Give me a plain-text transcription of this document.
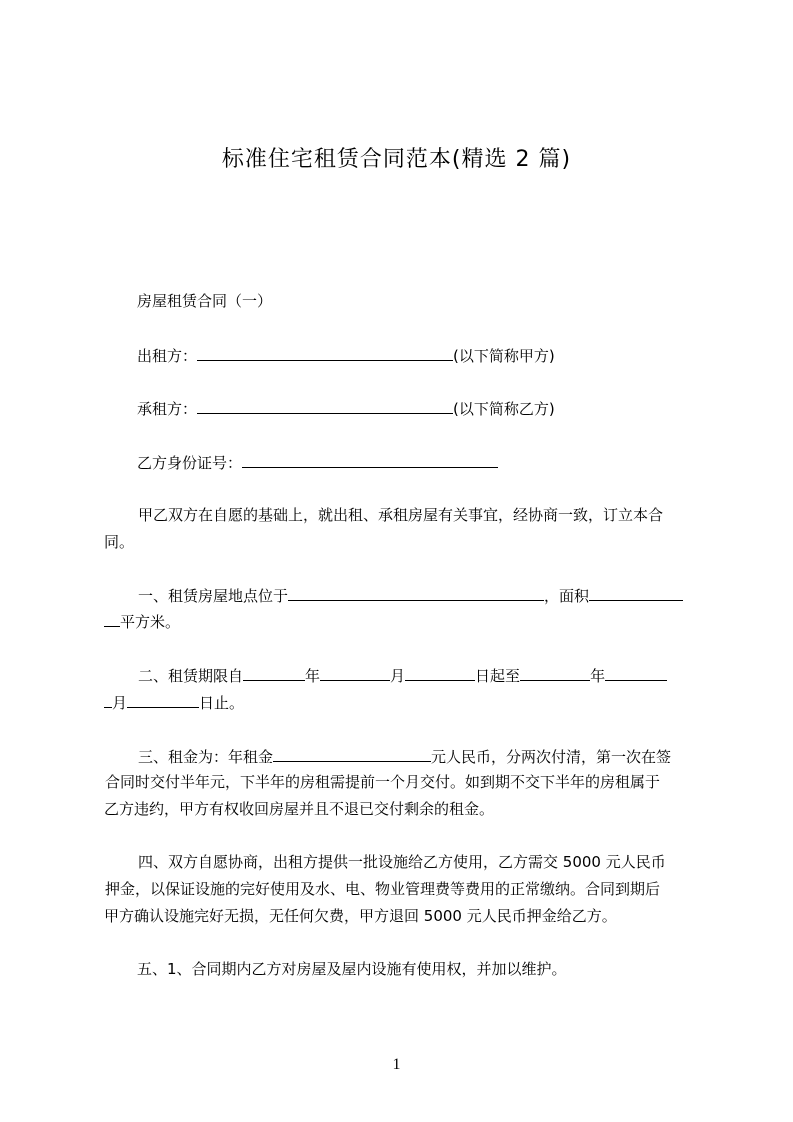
标准住宅租赁合同范本(精选 2 篇)
房屋租赁合同（一）
出租方：	(以下简称甲方)
承租方：	(以下简称乙方)
乙方身份证号：
甲乙双方在自愿的基础上，就出租、承租房屋有关事宜，经协商一致，订立本合
同。
一、租赁房屋地点位于	，面积
平方米。
二、租赁期限自	年	月	日起至	年
月	日止。
三、租金为：年租金	元人民币，分两次付清，第一次在签
合同时交付半年元，下半年的房租需提前一个月交付。如到期不交下半年的房租属于
乙方违约，甲方有权收回房屋并且不退已交付剩余的租金。
四、双方自愿协商，出租方提供一批设施给乙方使用，乙方需交 5000 元人民币
押金，以保证设施的完好使用及水、电、物业管理费等费用的正常缴纳。合同到期后
甲方确认设施完好无损，无任何欠费，甲方退回 5000 元人民币押金给乙方。
五、1、合同期内乙方对房屋及屋内设施有使用权，并加以维护。
1
